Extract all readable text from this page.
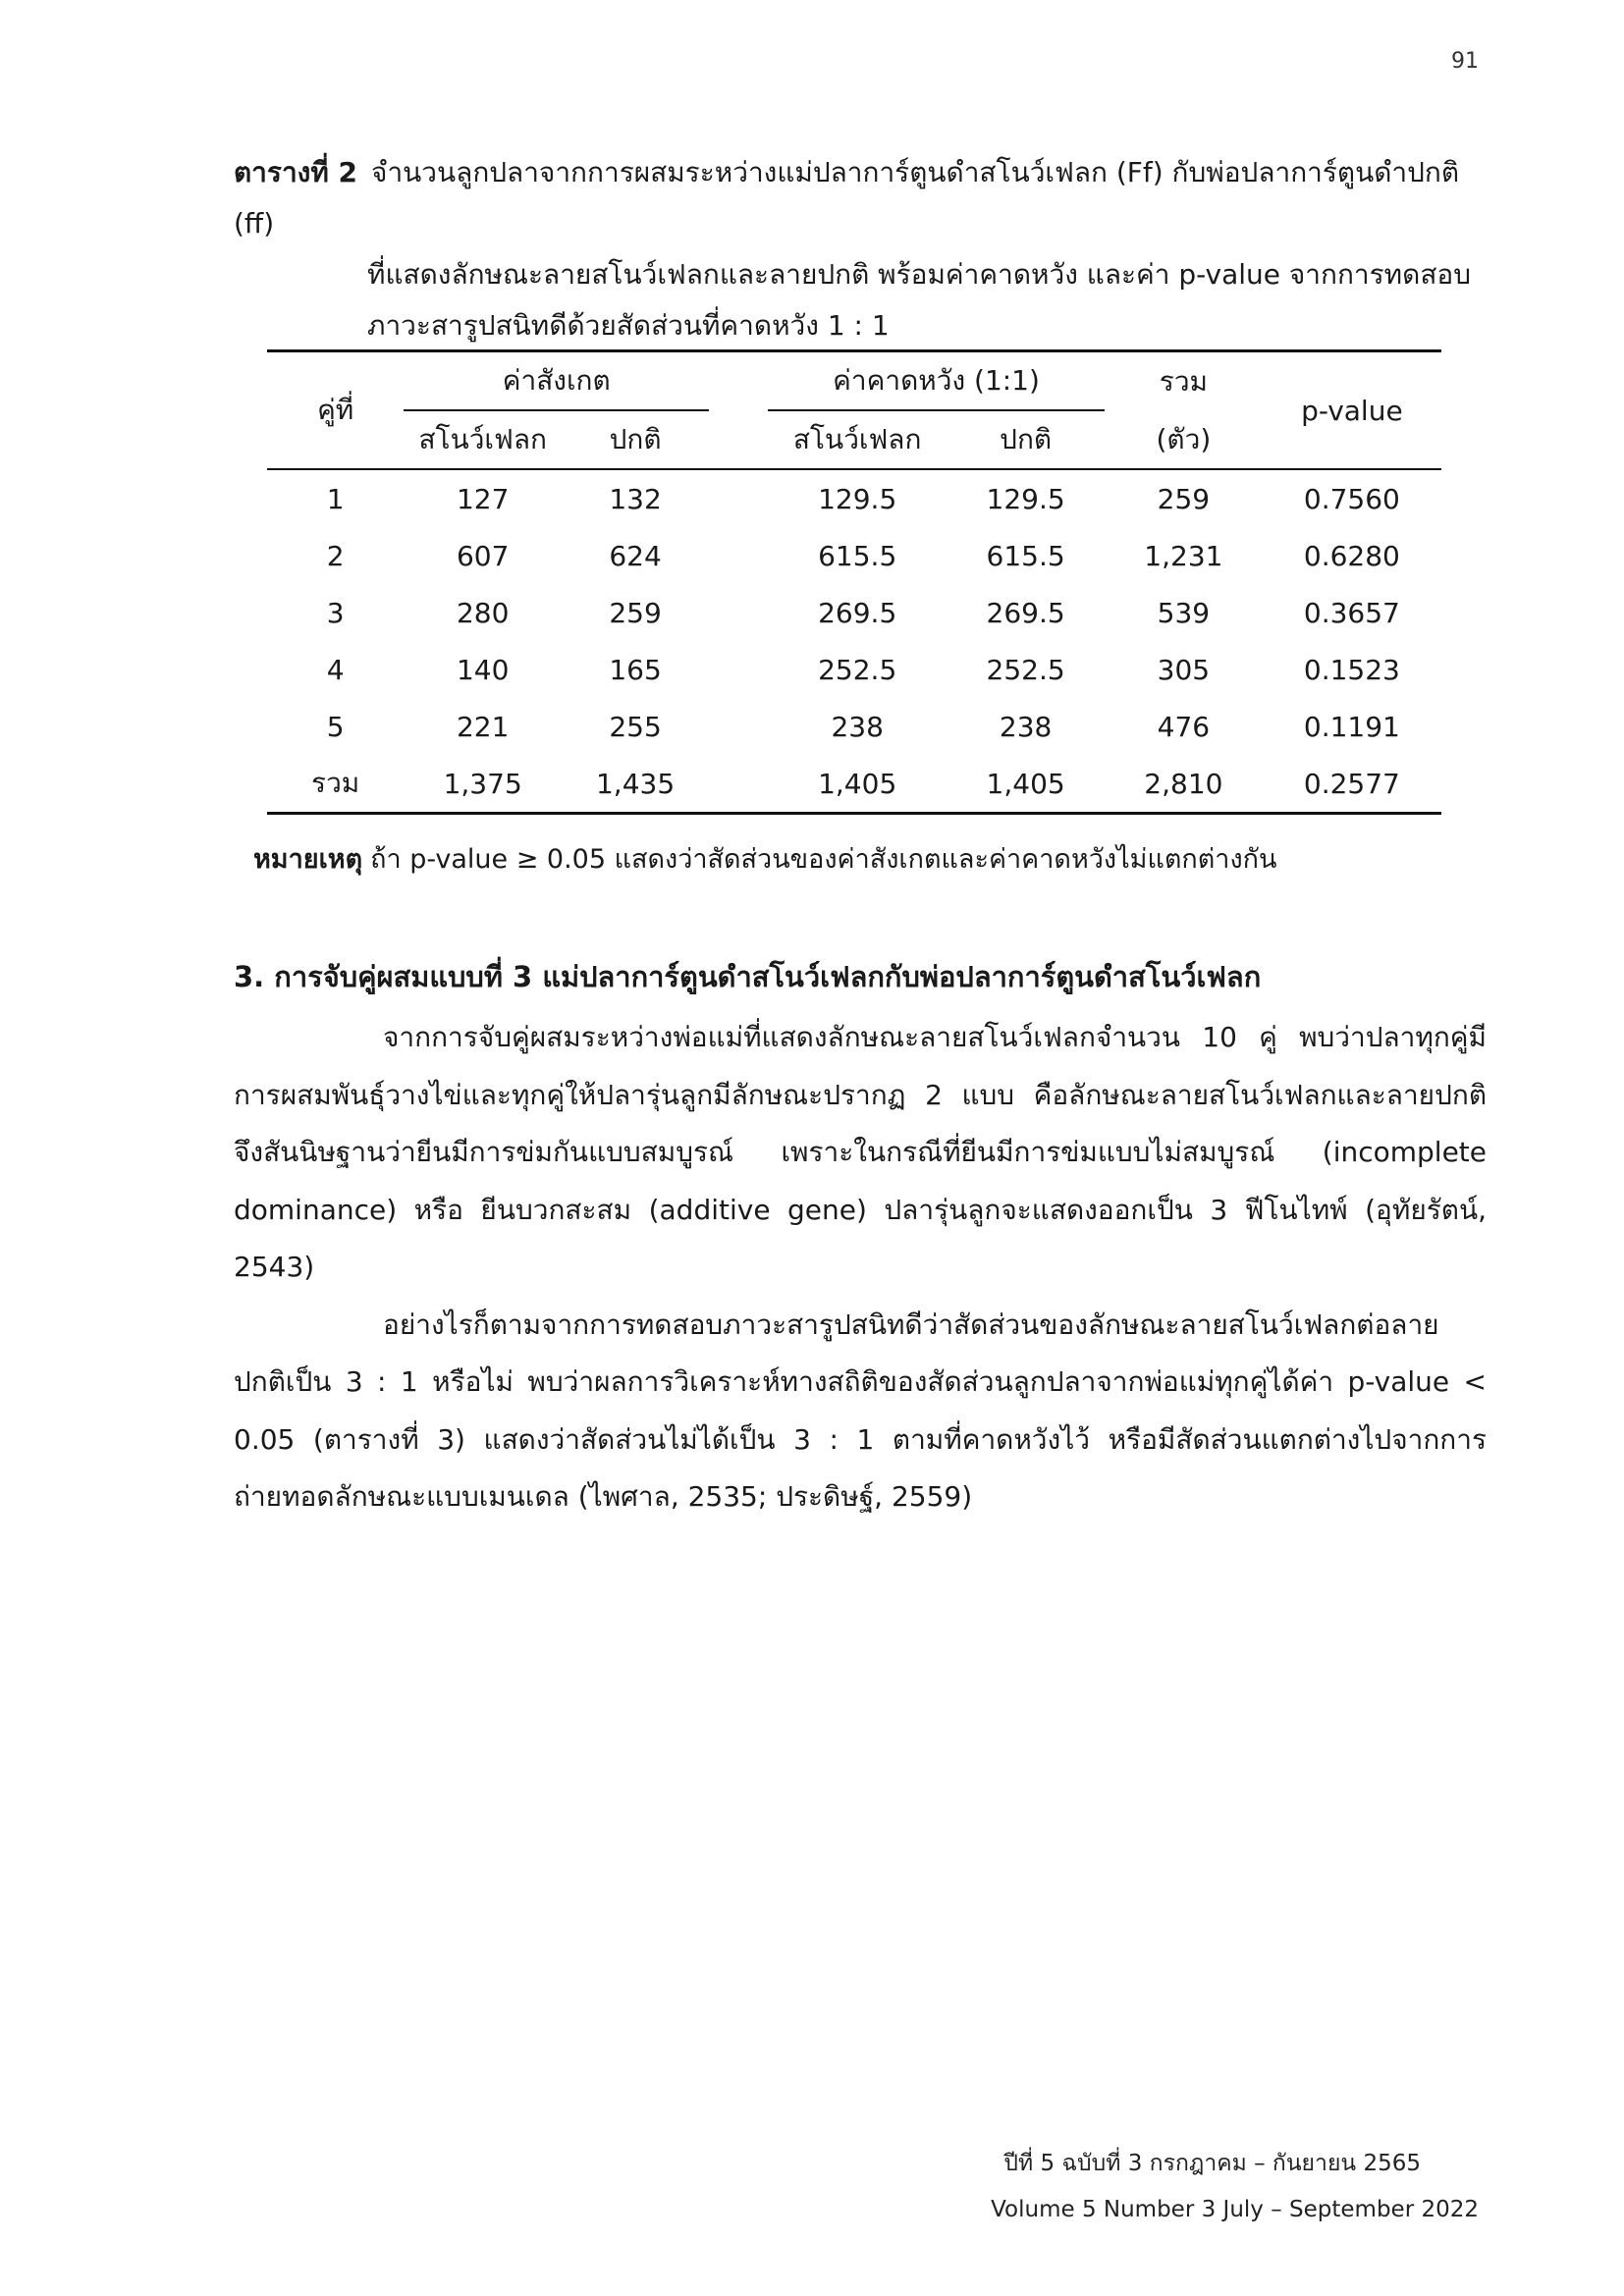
91
ตารางที่ 2 จำนวนลูกปลาจากการผสมระหว่างแม่ปลาการ์ตูนดำสโนว์เฟลก (Ff) กับพ่อปลาการ์ตูนดำปกติ (ff)
ที่แสดงลักษณะลายสโนว์เฟลกและลายปกติ พร้อมค่าคาดหวัง และค่า p-value จากการทดสอบ
ภาวะสารูปสนิทดีด้วยสัดส่วนที่คาดหวัง 1 : 1
คู่ที่	ค่าสังเกต			ค่าคาดหวัง (1:1)		รวม	p-value
	สโนว์เฟลก	ปกติ		สโนว์เฟลก	ปกติ	(ตัว)	
1	127	132		129.5	129.5	259	0.7560
2	607	624		615.5	615.5	1,231	0.6280
3	280	259		269.5	269.5	539	0.3657
4	140	165		252.5	252.5	305	0.1523
5	221	255		238	238	476	0.1191
รวม	1,375	1,435		1,405	1,405	2,810	0.2577
หมายเหตุ ถ้า p-value ≥ 0.05 แสดงว่าสัดส่วนของค่าสังเกตและค่าคาดหวังไม่แตกต่างกัน
3. การจับคู่ผสมแบบที่ 3 แม่ปลาการ์ตูนดำสโนว์เฟลกกับพ่อปลาการ์ตูนดำสโนว์เฟลก

จากการจับคู่ผสมระหว่างพ่อแม่ที่แสดงลักษณะลายสโนว์เฟลกจำนวน 10 คู่ พบว่าปลาทุกคู่มีการผสมพันธุ์วางไข่และทุกคู่ให้ปลารุ่นลูกมีลักษณะปรากฏ 2 แบบ คือลักษณะลายสโนว์เฟลกและลายปกติ จึงสันนิษฐานว่ายีนมีการข่มกันแบบสมบูรณ์ เพราะในกรณีที่ยีนมีการข่มแบบไม่สมบูรณ์ (incomplete dominance) หรือ ยีนบวกสะสม (additive gene) ปลารุ่นลูกจะแสดงออกเป็น 3 ฟีโนไทพ์ (อุทัยรัตน์, 2543)

อย่างไรก็ตามจากการทดสอบภาวะสารูปสนิทดีว่าสัดส่วนของลักษณะลายสโนว์เฟลกต่อลายปกติเป็น 3 : 1 หรือไม่ พบว่าผลการวิเคราะห์ทางสถิติของสัดส่วนลูกปลาจากพ่อแม่ทุกคู่ได้ค่า p-value < 0.05 (ตารางที่ 3) แสดงว่าสัดส่วนไม่ได้เป็น 3 : 1 ตามที่คาดหวังไว้ หรือมีสัดส่วนแตกต่างไปจากการถ่ายทอดลักษณะแบบเมนเดล (ไพศาล, 2535; ประดิษฐ์, 2559)

ปีที่ 5 ฉบับที่ 3 กรกฎาคม – กันยายน 2565
Volume 5 Number 3 July – September 2022
